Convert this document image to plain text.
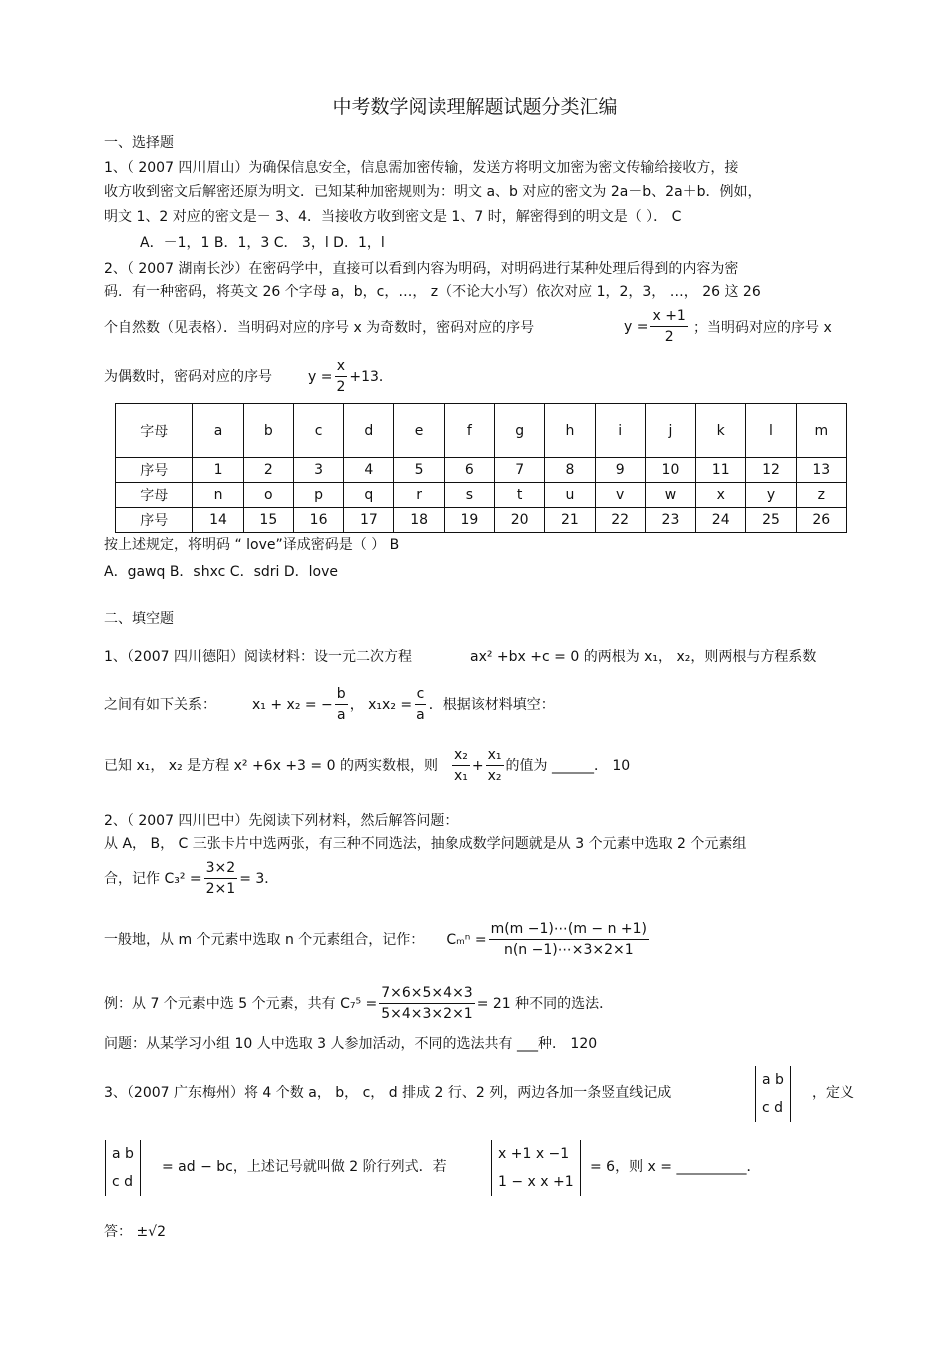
中考数学阅读理解题试题分类汇编
一、选择题
1、（ 2007 四川眉山）为确保信息安全，信息需加密传输，发送方将明文加密为密文传输给接收方，接
收方收到密文后解密还原为明文．已知某种加密规则为：明文 a、b 对应的密文为 2a－b、2a＋b．例如，
明文 1、2 对应的密文是－ 3、4．当接收方收到密文是 1、7 时，解密得到的明文是（ ）． C
A．－1，1 B．1，3 C． 3，l D．1，l
2、（ 2007 湖南长沙）在密码学中，直接可以看到内容为明码，对明码进行某种处理后得到的内容为密
码．有一种密码，将英文 26 个字母 a，b，c，…， z（不论大小写）依次对应 1，2，3， …， 26 这 26
个自然数（见表格）．当明码对应的序号 x 为奇数时，密码对应的序号	$y = \frac{x +1}{2}$ ；当明码对应的序号 x
为偶数时，密码对应的序号	$y = \frac{x}{2} +13$．
字母	a	b	c	d	e	f	g	h	i	j	k	l	m
序号	1	2	3	4	5	6	7	8	9	10	11	12	13
字母	n	o	p	q	r	s	t	u	v	w	x	y	z
序号	14	15	16	17	18	19	20	21	22	23	24	25	26
按上述规定，将明码 “ love”译成密码是（ ） B
A．gawq B．shxc C．sdri D．love
二、填空题
1、（2007 四川德阳）阅读材料：设一元二次方程	ax² +bx +c = 0 的两根为 x₁， x₂，则两根与方程系数
之间有如下关系：	x₁ + x₂ = − $\frac{b}{a}$ ， $x_1x_2 = \frac{c}{a}$ ．根据该材料填空：
已知 x₁， x₂ 是方程 x² +6x +3 = 0 的两实数根，则 $\frac{\text{x₂}}{\text{x₁}} + \frac{\text{x₁}}{\text{x₂}}$ 的值为 ______． 10
2、（ 2007 四川巴中）先阅读下列材料，然后解答问题：
从 A， B， C 三张卡片中选两张，有三种不同选法，抽象成数学问题就是从 3 个元素中选取 2 个元素组
合，记作 $C_3^2 = \frac{3\times 2}{2\times 1} = 3$．
一般地，从 m 个元素中选取 n 个元素组合，记作： $C_m^n = \frac{m(m -1)\cdots(m - n +1)}{n(n -1)\cdots\times 3\times 2\times 1}$
例：从 7 个元素中选 5 个元素，共有 $C_7^5 = \frac{7\times 6\times 5\times 4\times 3}{5\times 4\times 3\times 2\times 1} = 21$ 种不同的选法．
问题：从某学习小组 10 人中选取 3 人参加活动，不同的选法共有 ___种． 120
3、（2007 广东梅州）将 4 个数 a， b， c， d 排成 2 行、2 列，两边各加一条竖直线记成
a b
c d
，定义
a b
c d
= ad − bc，上述记号就叫做 2 阶行列式．若
x +1 x −1
1 − x x +1
= 6，则 x = __________．
答： ±√2
